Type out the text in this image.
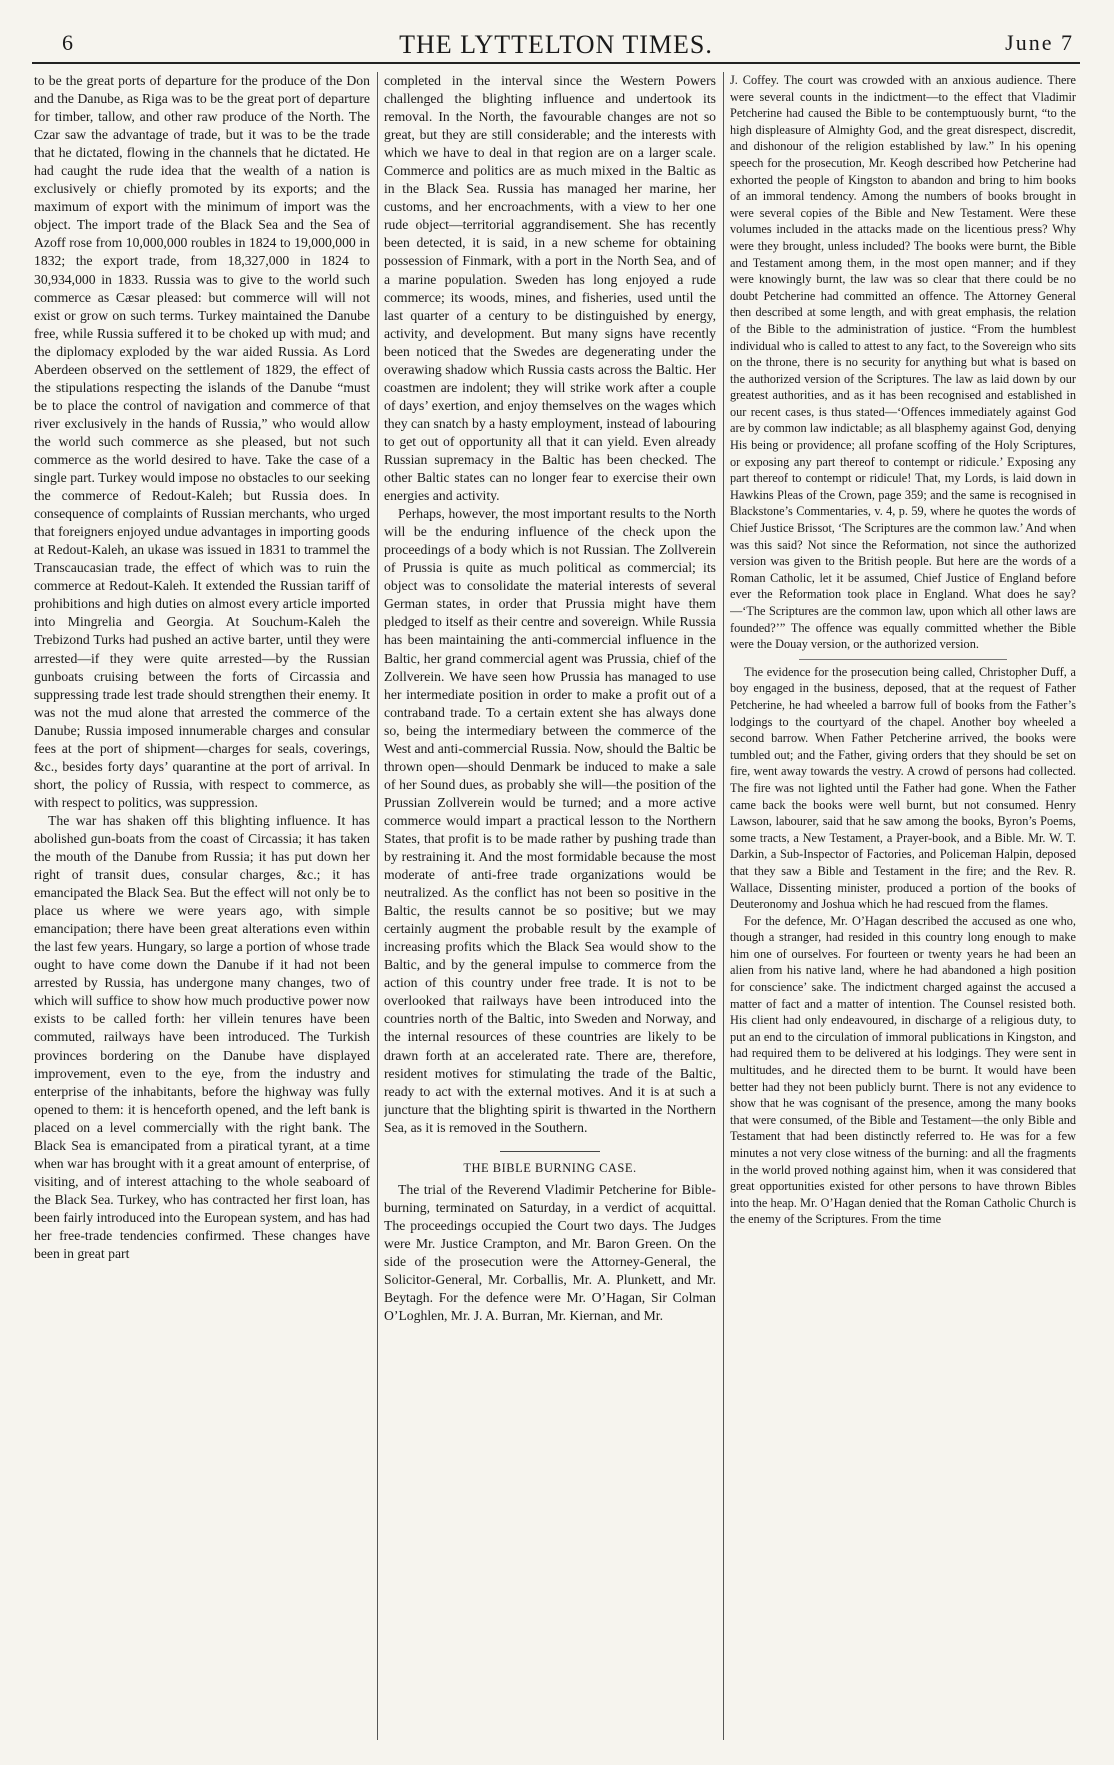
6	THE LYTTELTON TIMES.	June 7

to be the great ports of departure for the produce of the Don and the Danube, as Riga was to be the great port of departure for timber, tallow, and other raw produce of the North. The Czar saw the advantage of trade, but it was to be the trade that he dictated, flowing in the channels that he dictated. He had caught the rude idea that the wealth of a nation is exclusively or chiefly promoted by its exports; and the maximum of export with the minimum of import was the object. The import trade of the Black Sea and the Sea of Azoff rose from 10,000,000 roubles in 1824 to 19,000,000 in 1832; the export trade, from 18,327,000 in 1824 to 30,934,000 in 1833. Russia was to give to the world such commerce as Cæsar pleased: but commerce will will not exist or grow on such terms. Turkey maintained the Danube free, while Russia suffered it to be choked up with mud; and the diplomacy exploded by the war aided Russia. As Lord Aberdeen observed on the settlement of 1829, the effect of the stipulations respecting the islands of the Danube “must be to place the control of navigation and commerce of that river exclusively in the hands of Russia,” who would allow the world such commerce as she pleased, but not such commerce as the world desired to have. Take the case of a single part. Turkey would impose no obstacles to our seeking the commerce of Redout-Kaleh; but Russia does. In consequence of complaints of Russian merchants, who urged that foreigners enjoyed undue advantages in importing goods at Redout-Kaleh, an ukase was issued in 1831 to trammel the Transcaucasian trade, the effect of which was to ruin the commerce at Redout-Kaleh. It extended the Russian tariff of prohibitions and high duties on almost every article imported into Mingrelia and Georgia. At Souchum-Kaleh the Trebizond Turks had pushed an active barter, until they were arrested—if they were quite arrested—by the Russian gunboats cruising between the forts of Circassia and suppressing trade lest trade should strengthen their enemy. It was not the mud alone that arrested the commerce of the Danube; Russia imposed innumerable charges and consular fees at the port of shipment—charges for seals, coverings, &c., besides forty days’ quarantine at the port of arrival. In short, the policy of Russia, with respect to commerce, as with respect to politics, was suppression.

The war has shaken off this blighting influence. It has abolished gun-boats from the coast of Circassia; it has taken the mouth of the Danube from Russia; it has put down her right of transit dues, consular charges, &c.; it has emancipated the Black Sea. But the effect will not only be to place us where we were years ago, with simple emancipation; there have been great alterations even within the last few years. Hungary, so large a portion of whose trade ought to have come down the Danube if it had not been arrested by Russia, has undergone many changes, two of which will suffice to show how much productive power now exists to be called forth: her villein tenures have been commuted, railways have been introduced. The Turkish provinces bordering on the Danube have displayed improvement, even to the eye, from the industry and enterprise of the inhabitants, before the highway was fully opened to them: it is henceforth opened, and the left bank is placed on a level commercially with the right bank. The Black Sea is emancipated from a piratical tyrant, at a time when war has brought with it a great amount of enterprise, of visiting, and of interest attaching to the whole seaboard of the Black Sea. Turkey, who has contracted her first loan, has been fairly introduced into the European system, and has had her free-trade tendencies confirmed. These changes have been in great part

completed in the interval since the Western Powers challenged the blighting influence and undertook its removal. In the North, the favourable changes are not so great, but they are still considerable; and the interests with which we have to deal in that region are on a larger scale. Commerce and politics are as much mixed in the Baltic as in the Black Sea. Russia has managed her marine, her customs, and her encroachments, with a view to her one rude object—territorial aggrandisement. She has recently been detected, it is said, in a new scheme for obtaining possession of Finmark, with a port in the North Sea, and of a marine population. Sweden has long enjoyed a rude commerce; its woods, mines, and fisheries, used until the last quarter of a century to be distinguished by energy, activity, and development. But many signs have recently been noticed that the Swedes are degenerating under the overawing shadow which Russia casts across the Baltic. Her coastmen are indolent; they will strike work after a couple of days’ exertion, and enjoy themselves on the wages which they can snatch by a hasty employment, instead of labouring to get out of opportunity all that it can yield. Even already Russian supremacy in the Baltic has been checked. The other Baltic states can no longer fear to exercise their own energies and activity.

Perhaps, however, the most important results to the North will be the enduring influence of the check upon the proceedings of a body which is not Russian. The Zollverein of Prussia is quite as much political as commercial; its object was to consolidate the material interests of several German states, in order that Prussia might have them pledged to itself as their centre and sovereign. While Russia has been maintaining the anti-commercial influence in the Baltic, her grand commercial agent was Prussia, chief of the Zollverein. We have seen how Prussia has managed to use her intermediate position in order to make a profit out of a contraband trade. To a certain extent she has always done so, being the intermediary between the commerce of the West and anti-commercial Russia. Now, should the Baltic be thrown open—should Denmark be induced to make a sale of her Sound dues, as probably she will—the position of the Prussian Zollverein would be turned; and a more active commerce would impart a practical lesson to the Northern States, that profit is to be made rather by pushing trade than by restraining it. And the most formidable because the most moderate of anti-free trade organizations would be neutralized. As the conflict has not been so positive in the Baltic, the results cannot be so positive; but we may certainly augment the probable result by the example of increasing profits which the Black Sea would show to the Baltic, and by the general impulse to commerce from the action of this country under free trade. It is not to be overlooked that railways have been introduced into the countries north of the Baltic, into Sweden and Norway, and the internal resources of these countries are likely to be drawn forth at an accelerated rate. There are, therefore, resident motives for stimulating the trade of the Baltic, ready to act with the external motives. And it is at such a juncture that the blighting spirit is thwarted in the Northern Sea, as it is removed in the Southern.

THE BIBLE BURNING CASE.

The trial of the Reverend Vladimir Petcherine for Bible-burning, terminated on Saturday, in a verdict of acquittal. The proceedings occupied the Court two days. The Judges were Mr. Justice Crampton, and Mr. Baron Green. On the side of the prosecution were the Attorney-General, the Solicitor-General, Mr. Corballis, Mr. A. Plunkett, and Mr. Beytagh. For the defence were Mr. O’Hagan, Sir Colman O’Loghlen, Mr. J. A. Burran, Mr. Kiernan, and Mr.

J. Coffey. The court was crowded with an anxious audience. There were several counts in the indictment—to the effect that Vladimir Petcherine had caused the Bible to be contemptuously burnt, “to the high displeasure of Almighty God, and the great disrespect, discredit, and dishonour of the religion established by law.” In his opening speech for the prosecution, Mr. Keogh described how Petcherine had exhorted the people of Kingston to abandon and bring to him books of an immoral tendency. Among the numbers of books brought in were several copies of the Bible and New Testament. Were these volumes included in the attacks made on the licentious press? Why were they brought, unless included? The books were burnt, the Bible and Testament among them, in the most open manner; and if they were knowingly burnt, the law was so clear that there could be no doubt Petcherine had committed an offence. The Attorney General then described at some length, and with great emphasis, the relation of the Bible to the administration of justice. “From the humblest individual who is called to attest to any fact, to the Sovereign who sits on the throne, there is no security for anything but what is based on the authorized version of the Scriptures. The law as laid down by our greatest authorities, and as it has been recognised and established in our recent cases, is thus stated—‘Offences immediately against God are by common law indictable; as all blasphemy against God, denying His being or providence; all profane scoffing of the Holy Scriptures, or exposing any part thereof to contempt or ridicule.’ Exposing any part thereof to contempt or ridicule! That, my Lords, is laid down in Hawkins Pleas of the Crown, page 359; and the same is recognised in Blackstone’s Commentaries, v. 4, p. 59, where he quotes the words of Chief Justice Brissot, ‘The Scriptures are the common law.’ And when was this said? Not since the Reformation, not since the authorized version was given to the British people. But here are the words of a Roman Catholic, let it be assumed, Chief Justice of England before ever the Reformation took place in England. What does he say?—‘The Scriptures are the common law, upon which all other laws are founded?’” The offence was equally committed whether the Bible were the Douay version, or the authorized version.

The evidence for the prosecution being called, Christopher Duff, a boy engaged in the business, deposed, that at the request of Father Petcherine, he had wheeled a barrow full of books from the Father’s lodgings to the courtyard of the chapel. Another boy wheeled a second barrow. When Father Petcherine arrived, the books were tumbled out; and the Father, giving orders that they should be set on fire, went away towards the vestry. A crowd of persons had collected. The fire was not lighted until the Father had gone. When the Father came back the books were well burnt, but not consumed. Henry Lawson, labourer, said that he saw among the books, Byron’s Poems, some tracts, a New Testament, a Prayer-book, and a Bible. Mr. W. T. Darkin, a Sub-Inspector of Factories, and Policeman Halpin, deposed that they saw a Bible and Testament in the fire; and the Rev. R. Wallace, Dissenting minister, produced a portion of the books of Deuteronomy and Joshua which he had rescued from the flames.

For the defence, Mr. O’Hagan described the accused as one who, though a stranger, had resided in this country long enough to make him one of ourselves. For fourteen or twenty years he had been an alien from his native land, where he had abandoned a high position for conscience’ sake. The indictment charged against the accused a matter of fact and a matter of intention. The Counsel resisted both. His client had only endeavoured, in discharge of a religious duty, to put an end to the circulation of immoral publications in Kingston, and had required them to be delivered at his lodgings. They were sent in multitudes, and he directed them to be burnt. It would have been better had they not been publicly burnt. There is not any evidence to show that he was cognisant of the presence, among the many books that were consumed, of the Bible and Testament—the only Bible and Testament that had been distinctly referred to. He was for a few minutes a not very close witness of the burning: and all the fragments in the world proved nothing against him, when it was considered that great opportunities existed for other persons to have thrown Bibles into the heap. Mr. O’Hagan denied that the Roman Catholic Church is the enemy of the Scriptures. From the time
